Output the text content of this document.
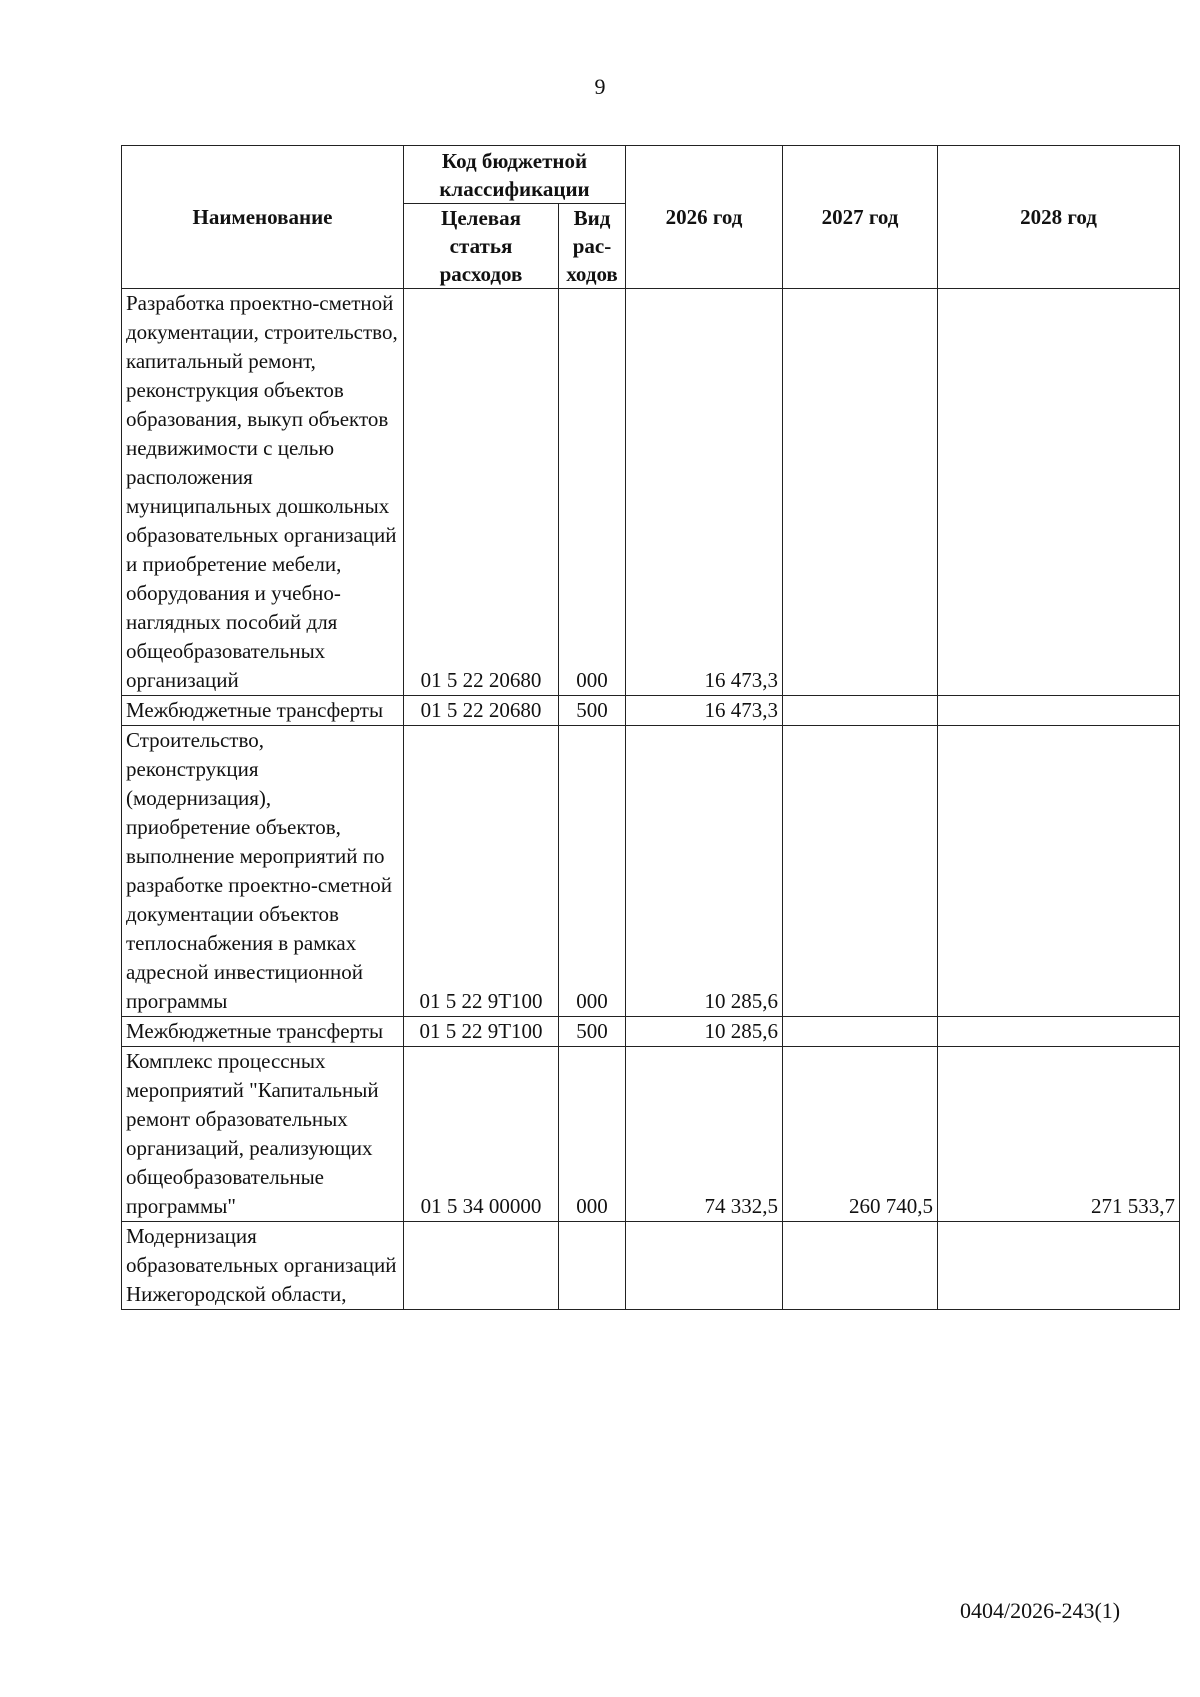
9
Наименование	Код бюджетной классификации		2026 год	2027 год	2028 год
	Целевая статья расходов	Вид рас-ходов			
Разработка проектно-сметной документации, строительство, капитальный ремонт, реконструкция объектов образования, выкуп объектов недвижимости с целью расположения муниципальных дошкольных образовательных организаций и приобретение мебели, оборудования и учебно-наглядных пособий для общеобразовательных организаций	01 5 22 20680	000	16 473,3		
Межбюджетные трансферты	01 5 22 20680	500	16 473,3		
Строительство, реконструкция (модернизация), приобретение объектов, выполнение мероприятий по разработке проектно-сметной документации объектов теплоснабжения в рамках адресной инвестиционной программы	01 5 22 9Т100	000	10 285,6		
Межбюджетные трансферты	01 5 22 9Т100	500	10 285,6		
Комплекс процессных мероприятий "Капитальный ремонт образовательных организаций, реализующих общеобразовательные программы"	01 5 34 00000	000	74 332,5	260 740,5	271 533,7
Модернизация образовательных организаций Нижегородской области,					
0404/2026-243(1)
